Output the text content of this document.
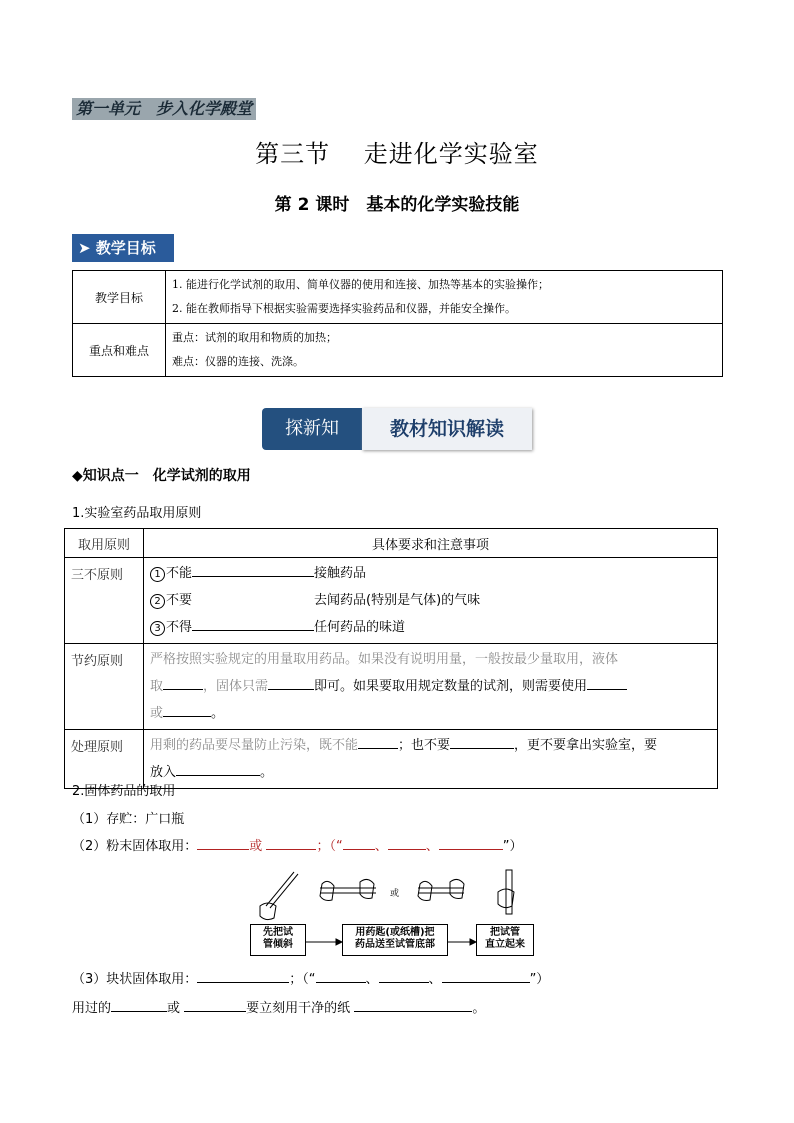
第一单元　步入化学殿堂
第三节　 走进化学实验室
第 2 课时　基本的化学实验技能
➤ 教学目标
教学目标	1. 能进行化学试剂的取用、简单仪器的使用和连接、加热等基本的实验操作；
2. 能在教师指导下根据实验需要选择实验药品和仪器，并能安全操作。

重点和难点	重点：试剂的取用和物质的加热；
难点：仪器的连接、洗涤。
探新知	教材知识解读
◆知识点一　化学试剂的取用
1.实验室药品取用原则
取用原则	具体要求和注意事项
三不原则	1 不能 接触药品
2 不要 去闻药品(特别是气体)的气味
3 不得 任何药品的味道

节约原则	严格按照实验规定的用量取用药品。如果没有说明用量，一般按最少量取用，液体
取 ，固体只需 即可。如果要取用规定数量的试剂，则需要使用
或 。

处理原则	用剩的药品要尽量防止污染，既不能 ；也不要 ，更不要拿出实验室，要
放入 。
2.固体药品的取用
（1）存贮：广口瓶
（2）粉末固体取用：	或	；（“ 、	、	”）
或
先把试
管倾斜
用药匙(或纸槽)把
药品送至试管底部
把试管
直立起来
（3）块状固体取用：	；（“	、	、	”）
用过的	或	要立刻用干净的纸	。
